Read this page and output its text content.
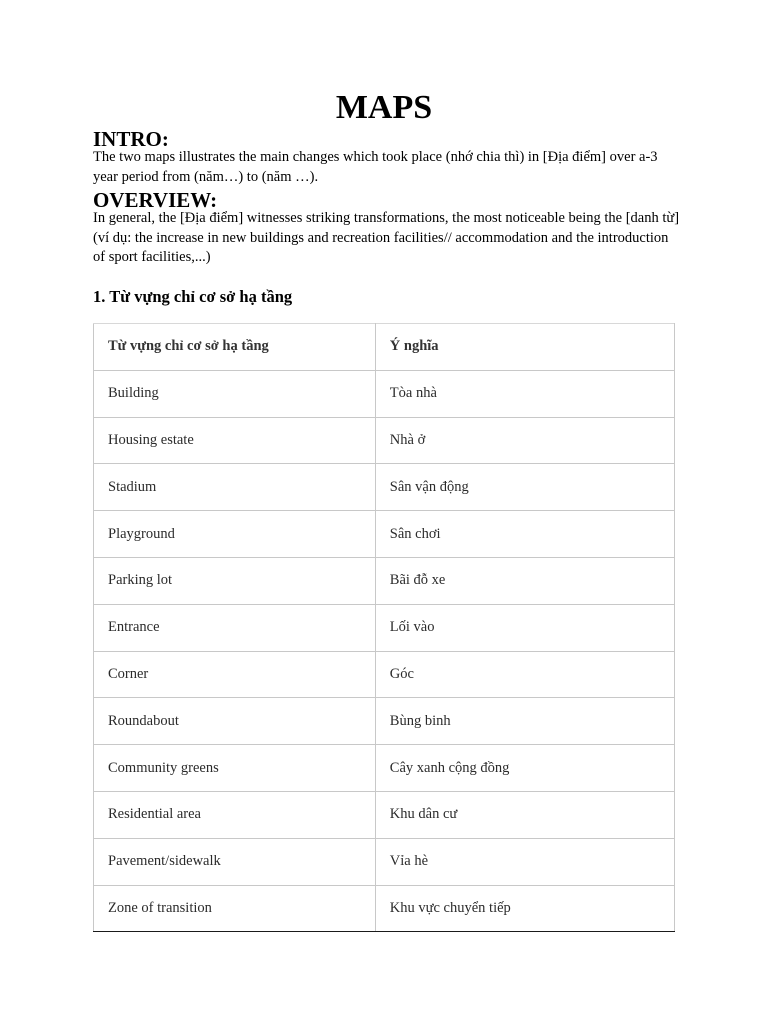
MAPS
INTRO:

The two maps illustrates the main changes which took place (nhớ chia thì) in [Địa điểm] over a-3 year period from (năm…) to (năm …).

OVERVIEW:

In general, the [Địa điểm] witnesses striking transformations, the most noticeable being the [danh từ] (ví dụ: the increase in new buildings and recreation facilities// accommodation and the introduction of sport facilities,...)

1. Từ vựng chỉ cơ sở hạ tầng
Từ vựng chỉ cơ sở hạ tầng	Ý nghĩa
Building	Tòa nhà
Housing estate	Nhà ở
Stadium	Sân vận động
Playground	Sân chơi
Parking lot	Bãi đỗ xe
Entrance	Lối vào
Corner	Góc
Roundabout	Bùng binh
Community greens	Cây xanh cộng đồng
Residential area	Khu dân cư
Pavement/sidewalk	Vỉa hè
Zone of transition	Khu vực chuyển tiếp
